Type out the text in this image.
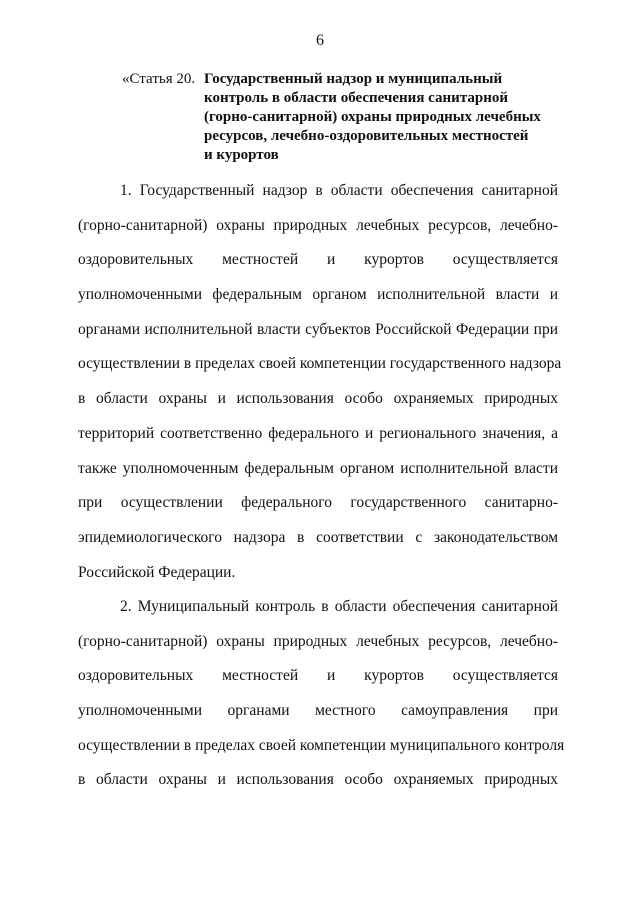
6
«Статья 20. Государственный надзор и муниципальный
контроль в области обеспечения санитарной
(горно-санитарной) охраны природных лечебных
ресурсов, лечебно-оздоровительных местностей
и курортов
1. Государственный надзор в области обеспечения санитарной
(горно-санитарной) охраны природных лечебных ресурсов, лечебно-
оздоровительных местностей и курортов осуществляется
уполномоченными федеральным органом исполнительной власти и
органами исполнительной власти субъектов Российской Федерации при
осуществлении в пределах своей компетенции государственного надзора
в области охраны и использования особо охраняемых природных
территорий соответственно федерального и регионального значения, а
также уполномоченным федеральным органом исполнительной власти
при осуществлении федерального государственного санитарно-
эпидемиологического надзора в соответствии с законодательством
Российской Федерации.
2. Муниципальный контроль в области обеспечения санитарной
(горно-санитарной) охраны природных лечебных ресурсов, лечебно-
оздоровительных местностей и курортов осуществляется
уполномоченными органами местного самоуправления при
осуществлении в пределах своей компетенции муниципального контроля
в области охраны и использования особо охраняемых природных
